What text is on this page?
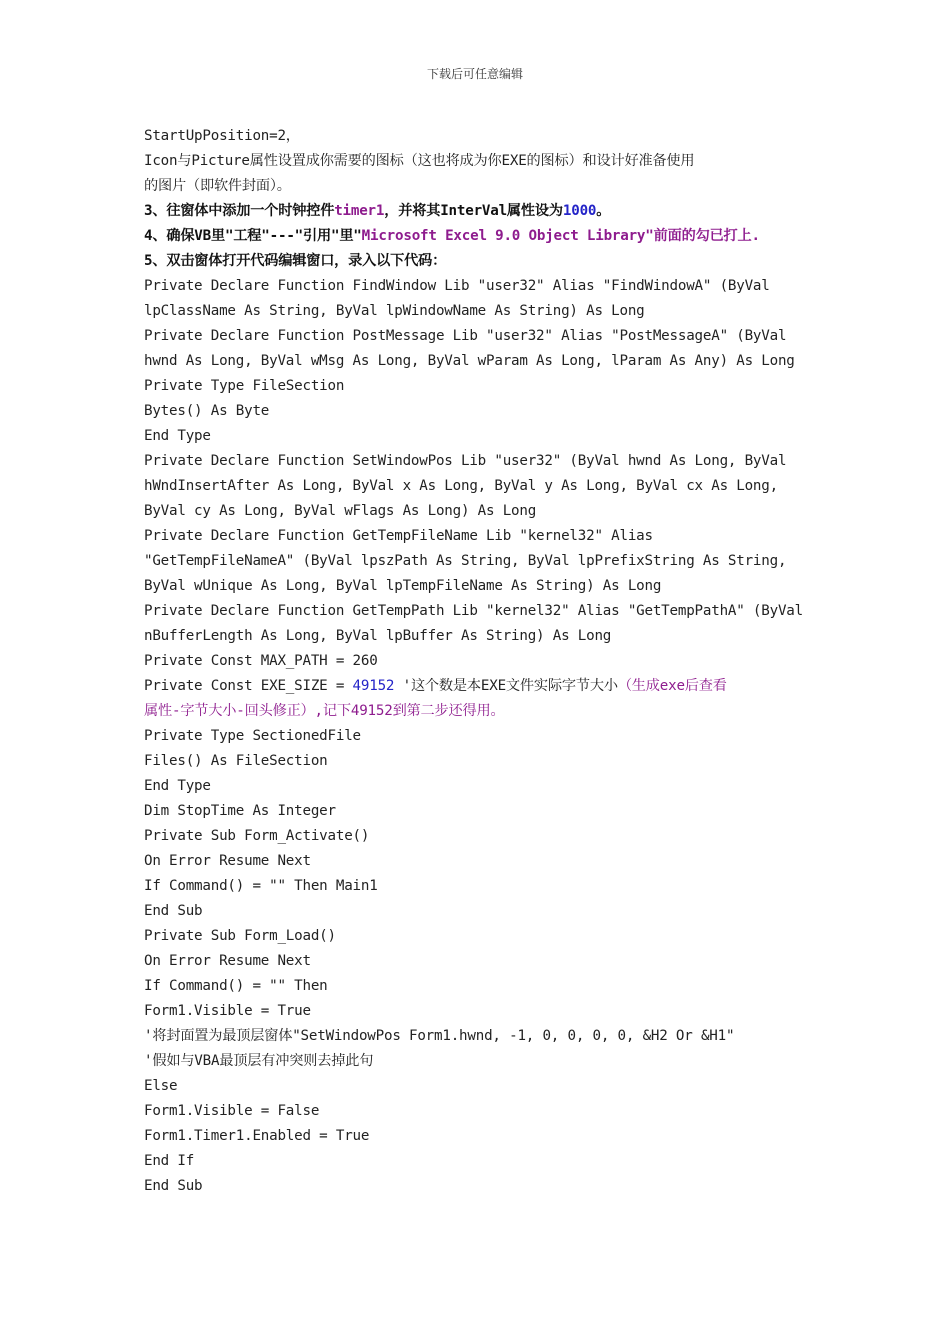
下载后可任意编辑
StartUpPosition=2，
Icon与Picture属性设置成你需要的图标（这也将成为你EXE的图标）和设计好准备使用
的图片（即软件封面）。
3、往窗体中添加一个时钟控件timer1，并将其InterVal属性设为1000。
4、确保VB里"工程"---"引用"里"Microsoft Excel 9.0 Object Library"前面的勾已打上.
5、双击窗体打开代码编辑窗口，录入以下代码：
Private Declare Function FindWindow Lib "user32" Alias "FindWindowA" (ByVal
lpClassName As String, ByVal lpWindowName As String) As Long
Private Declare Function PostMessage Lib "user32" Alias "PostMessageA" (ByVal
hwnd As Long, ByVal wMsg As Long, ByVal wParam As Long, lParam As Any) As Long
Private Type FileSection
Bytes() As Byte
End Type
Private Declare Function SetWindowPos Lib "user32" (ByVal hwnd As Long, ByVal
hWndInsertAfter As Long, ByVal x As Long, ByVal y As Long, ByVal cx As Long,
ByVal cy As Long, ByVal wFlags As Long) As Long
Private Declare Function GetTempFileName Lib "kernel32" Alias
"GetTempFileNameA" (ByVal lpszPath As String, ByVal lpPrefixString As String,
ByVal wUnique As Long, ByVal lpTempFileName As String) As Long
Private Declare Function GetTempPath Lib "kernel32" Alias "GetTempPathA" (ByVal
nBufferLength As Long, ByVal lpBuffer As String) As Long
Private Const MAX_PATH = 260
Private Const EXE_SIZE = 49152 '这个数是本EXE文件实际字节大小（生成exe后查看
属性-字节大小-回头修正）,记下49152到第二步还得用。
Private Type SectionedFile
Files() As FileSection
End Type
Dim StopTime As Integer
Private Sub Form_Activate()
On Error Resume Next
If Command() = "" Then Main1
End Sub
Private Sub Form_Load()
On Error Resume Next
If Command() = "" Then
Form1.Visible = True
'将封面置为最顶层窗体"SetWindowPos Form1.hwnd, -1, 0, 0, 0, 0, &H2 Or &H1"
'假如与VBA最顶层有冲突则去掉此句
Else
Form1.Visible = False
Form1.Timer1.Enabled = True
End If
End Sub
